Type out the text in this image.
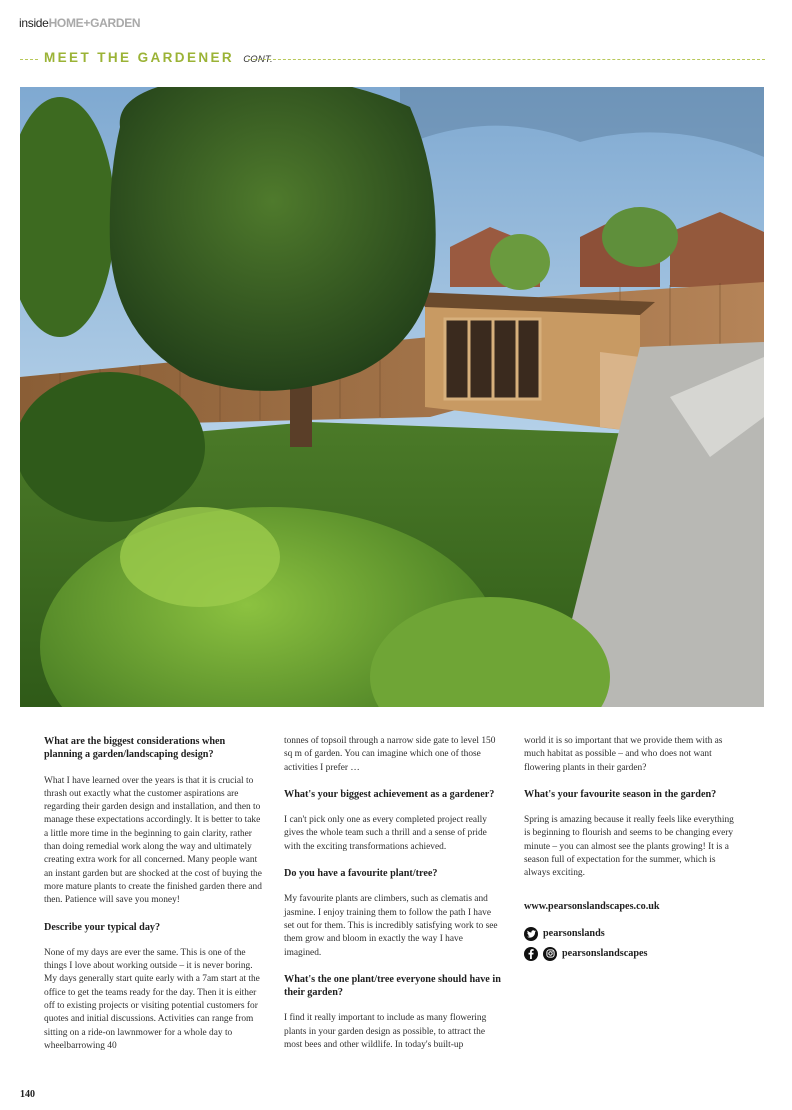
insideHOME+GARDEN
MEET THE GARDENER CONT.
What are the biggest considerations when planning a garden/landscaping design?

What I have learned over the years is that it is crucial to thrash out exactly what the customer aspirations are regarding their garden design and installation, and then to manage these expectations accordingly. It is better to take a little more time in the beginning to gain clarity, rather than doing remedial work along the way and ultimately creating extra work for all concerned. Many people want an instant garden but are shocked at the cost of buying the more mature plants to create the finished garden there and then. Patience will save you money!

Describe your typical day?

None of my days are ever the same. This is one of the things I love about working outside – it is never boring. My days generally start quite early with a 7am start at the office to get the teams ready for the day. Then it is either off to existing projects or visiting potential customers for quotes and initial discussions. Activities can range from sitting on a ride-on lawnmower for a whole day to wheelbarrowing 40

tonnes of topsoil through a narrow side gate to level 150 sq m of garden. You can imagine which one of those activities I prefer …

What's your biggest achievement as a gardener?

I can't pick only one as every completed project really gives the whole team such a thrill and a sense of pride with the exciting transformations achieved.

Do you have a favourite plant/tree?

My favourite plants are climbers, such as clematis and jasmine. I enjoy training them to follow the path I have set out for them. This is incredibly satisfying work to see them grow and bloom in exactly the way I have imagined.

What's the one plant/tree everyone should have in their garden?

I find it really important to include as many flowering plants in your garden design as possible, to attract the most bees and other wildlife. In today's built-up

world it is so important that we provide them with as much habitat as possible – and who does not want flowering plants in their garden?

What's your favourite season in the garden?

Spring is amazing because it really feels like everything is beginning to flourish and seems to be changing every minute – you can almost see the plants growing! It is a season full of expectation for the summer, which is always exciting.

www.pearsonslandscapes.co.uk
pearsonslands
pearsonslandscapes
140
